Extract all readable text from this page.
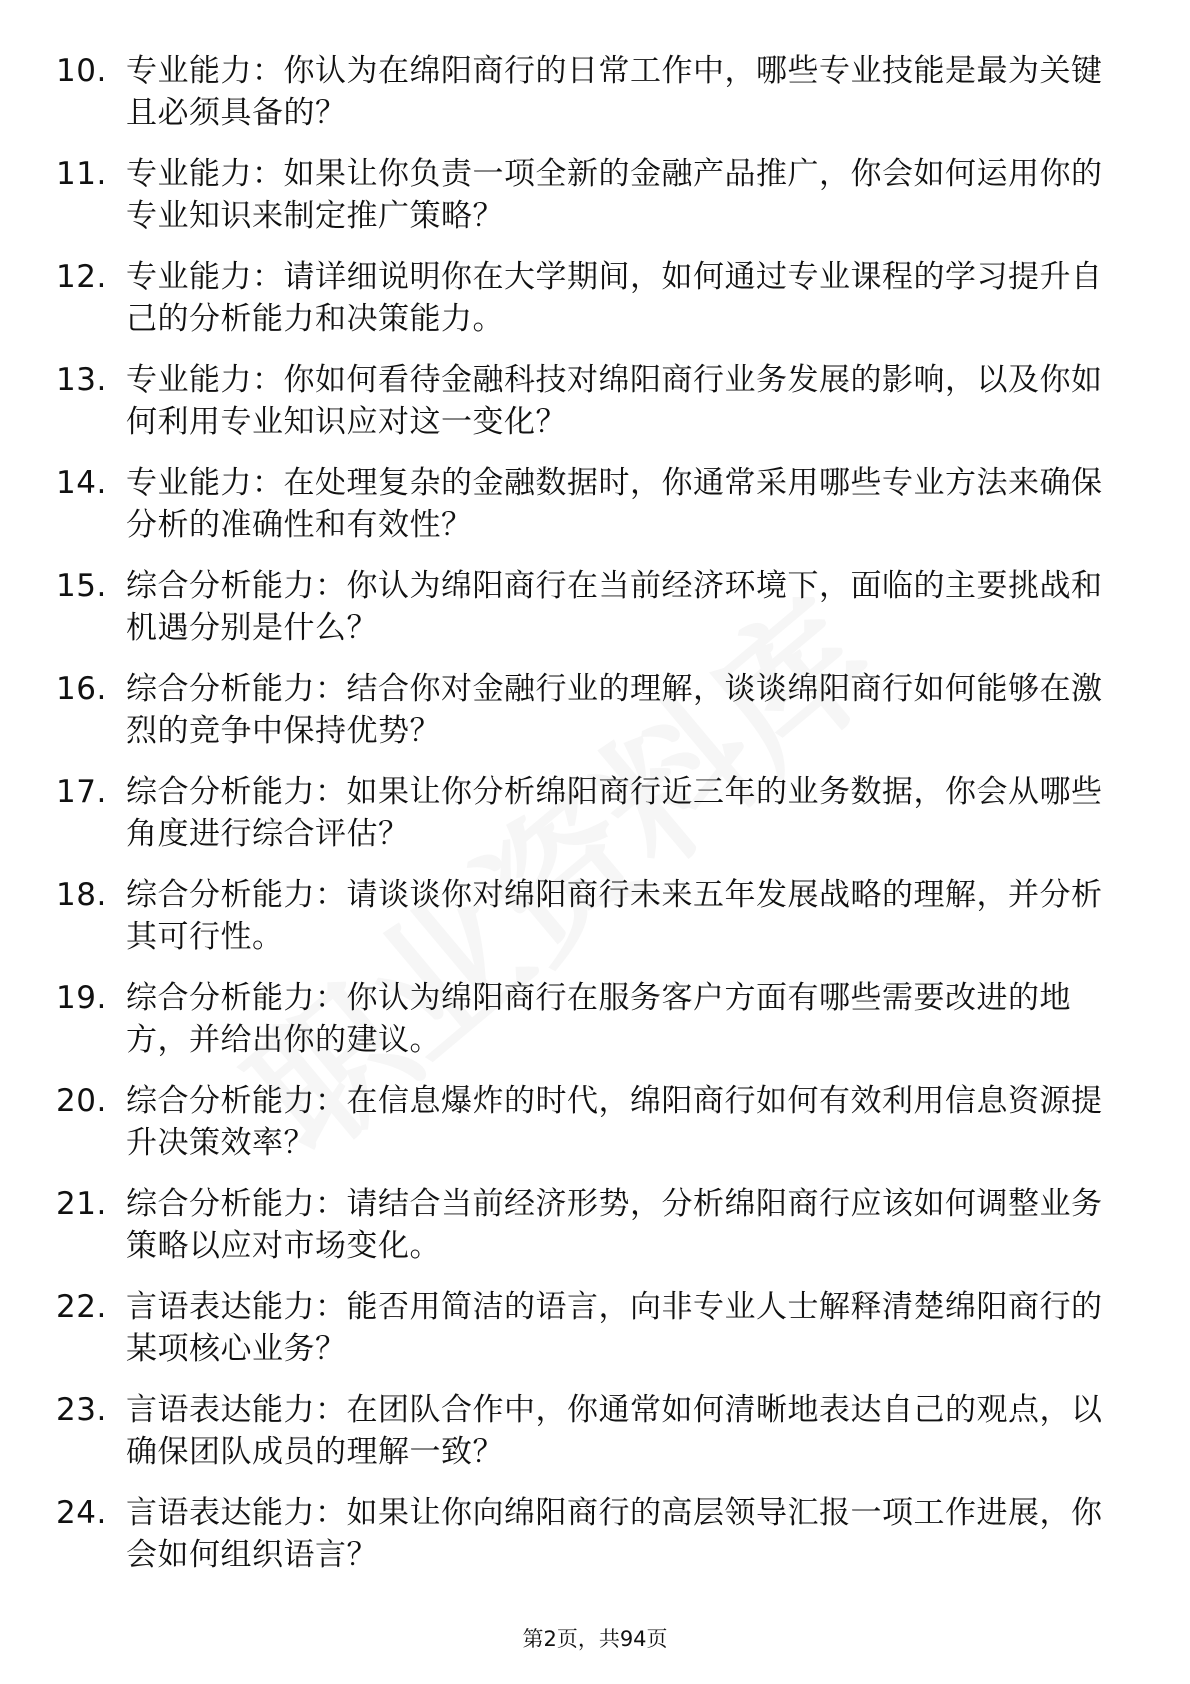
10. 专业能力：你认为在绵阳商行的日常工作中，哪些专业技能是最为关键且必须具备的？
11. 专业能力：如果让你负责一项全新的金融产品推广，你会如何运用你的专业知识来制定推广策略？
12. 专业能力：请详细说明你在大学期间，如何通过专业课程的学习提升自己的分析能力和决策能力。
13. 专业能力：你如何看待金融科技对绵阳商行业务发展的影响，以及你如何利用专业知识应对这一变化？
14. 专业能力：在处理复杂的金融数据时，你通常采用哪些专业方法来确保分析的准确性和有效性？
15. 综合分析能力：你认为绵阳商行在当前经济环境下，面临的主要挑战和机遇分别是什么？
16. 综合分析能力：结合你对金融行业的理解，谈谈绵阳商行如何能够在激烈的竞争中保持优势？
17. 综合分析能力：如果让你分析绵阳商行近三年的业务数据，你会从哪些角度进行综合评估？
18. 综合分析能力：请谈谈你对绵阳商行未来五年发展战略的理解，并分析其可行性。
19. 综合分析能力：你认为绵阳商行在服务客户方面有哪些需要改进的地方，并给出你的建议。
20. 综合分析能力：在信息爆炸的时代，绵阳商行如何有效利用信息资源提升决策效率？
21. 综合分析能力：请结合当前经济形势，分析绵阳商行应该如何调整业务策略以应对市场变化。
22. 言语表达能力：能否用简洁的语言，向非专业人士解释清楚绵阳商行的某项核心业务？
23. 言语表达能力：在团队合作中，你通常如何清晰地表达自己的观点，以确保团队成员的理解一致？
24. 言语表达能力：如果让你向绵阳商行的高层领导汇报一项工作进展，你会如何组织语言？
第2页，共94页
